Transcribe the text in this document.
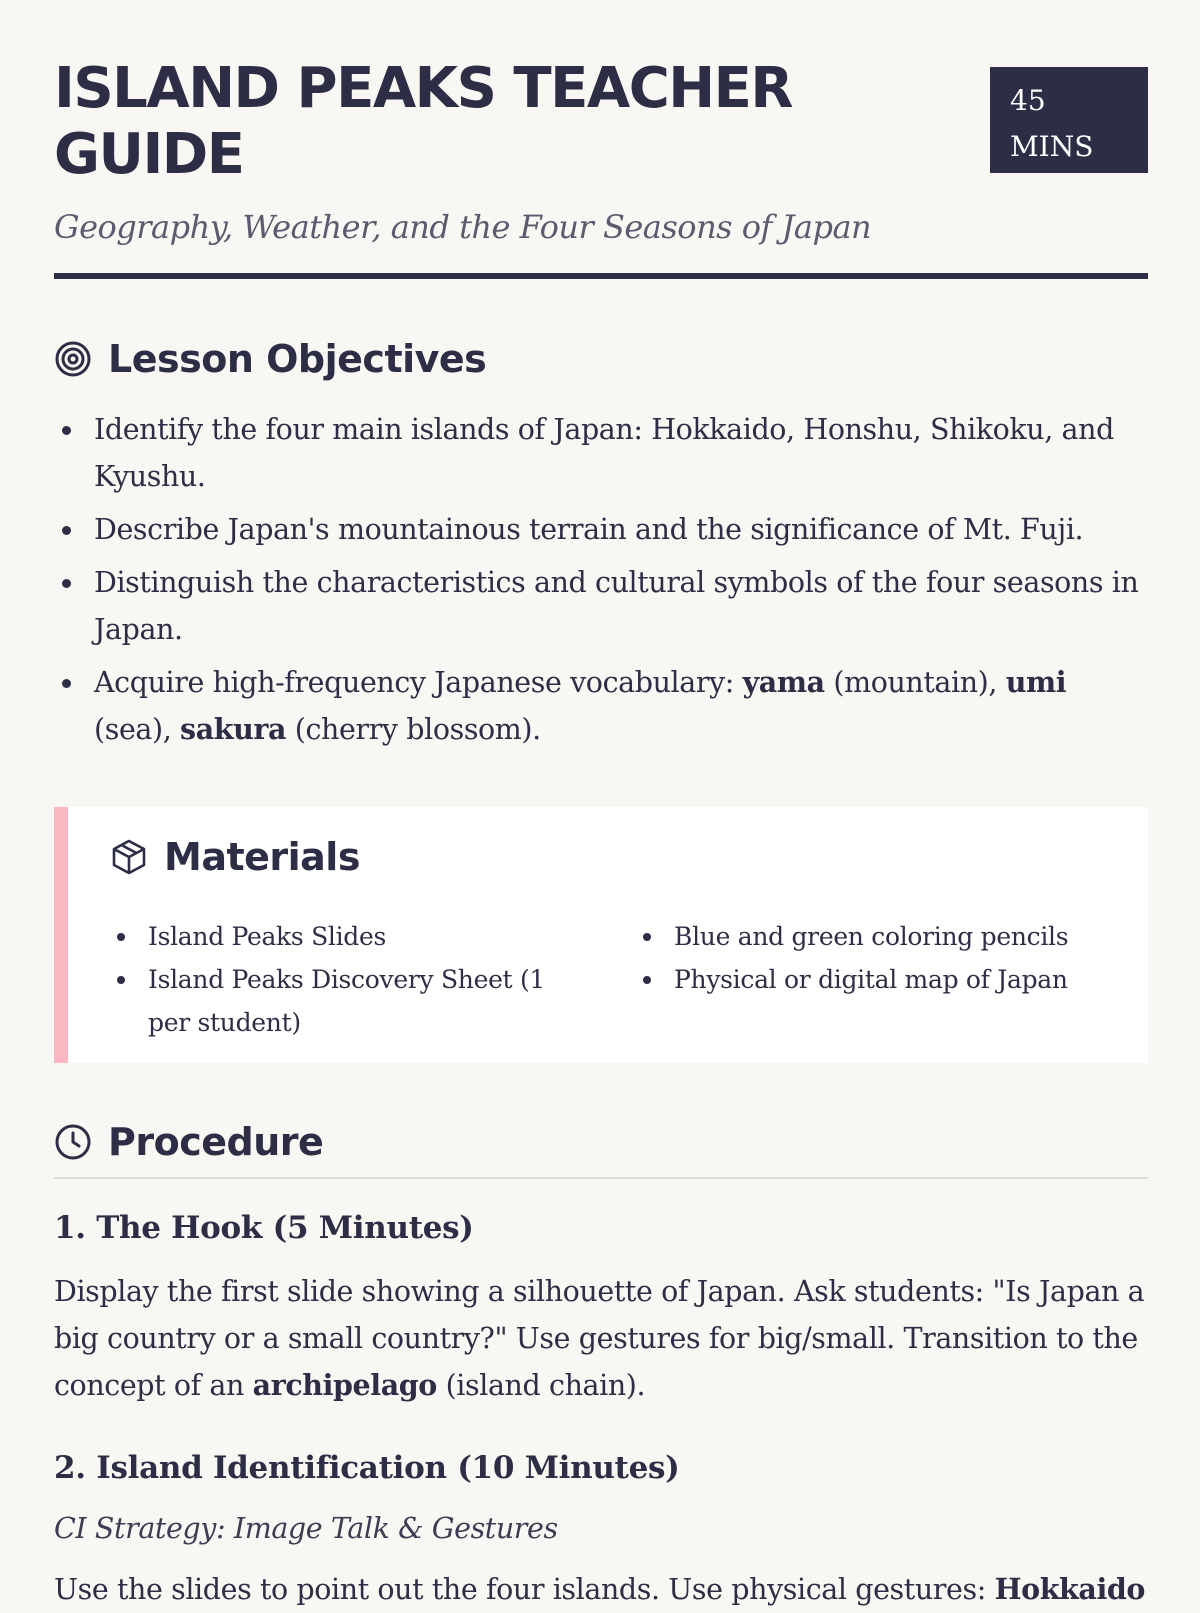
ISLAND PEAKS TEACHER GUIDE
45
MINS
Geography, Weather, and the Four Seasons of Japan
Lesson Objectives
Identify the four main islands of Japan: Hokkaido, Honshu, Shikoku, and Kyushu.
Describe Japan's mountainous terrain and the significance of Mt. Fuji.
Distinguish the characteristics and cultural symbols of the four seasons in Japan.
Acquire high-frequency Japanese vocabulary: yama (mountain), umi (sea), sakura (cherry blossom).
Materials
Island Peaks Slides
Island Peaks Discovery Sheet (1 per student)
Blue and green coloring pencils
Physical or digital map of Japan
Procedure
1. The Hook (5 Minutes)
Display the first slide showing a silhouette of Japan. Ask students: "Is Japan a big country or a small country?" Use gestures for big/small. Transition to the concept of an archipelago (island chain).
2. Island Identification (10 Minutes)
CI Strategy: Image Talk & Gestures
Use the slides to point out the four islands. Use physical gestures: Hokkaido
